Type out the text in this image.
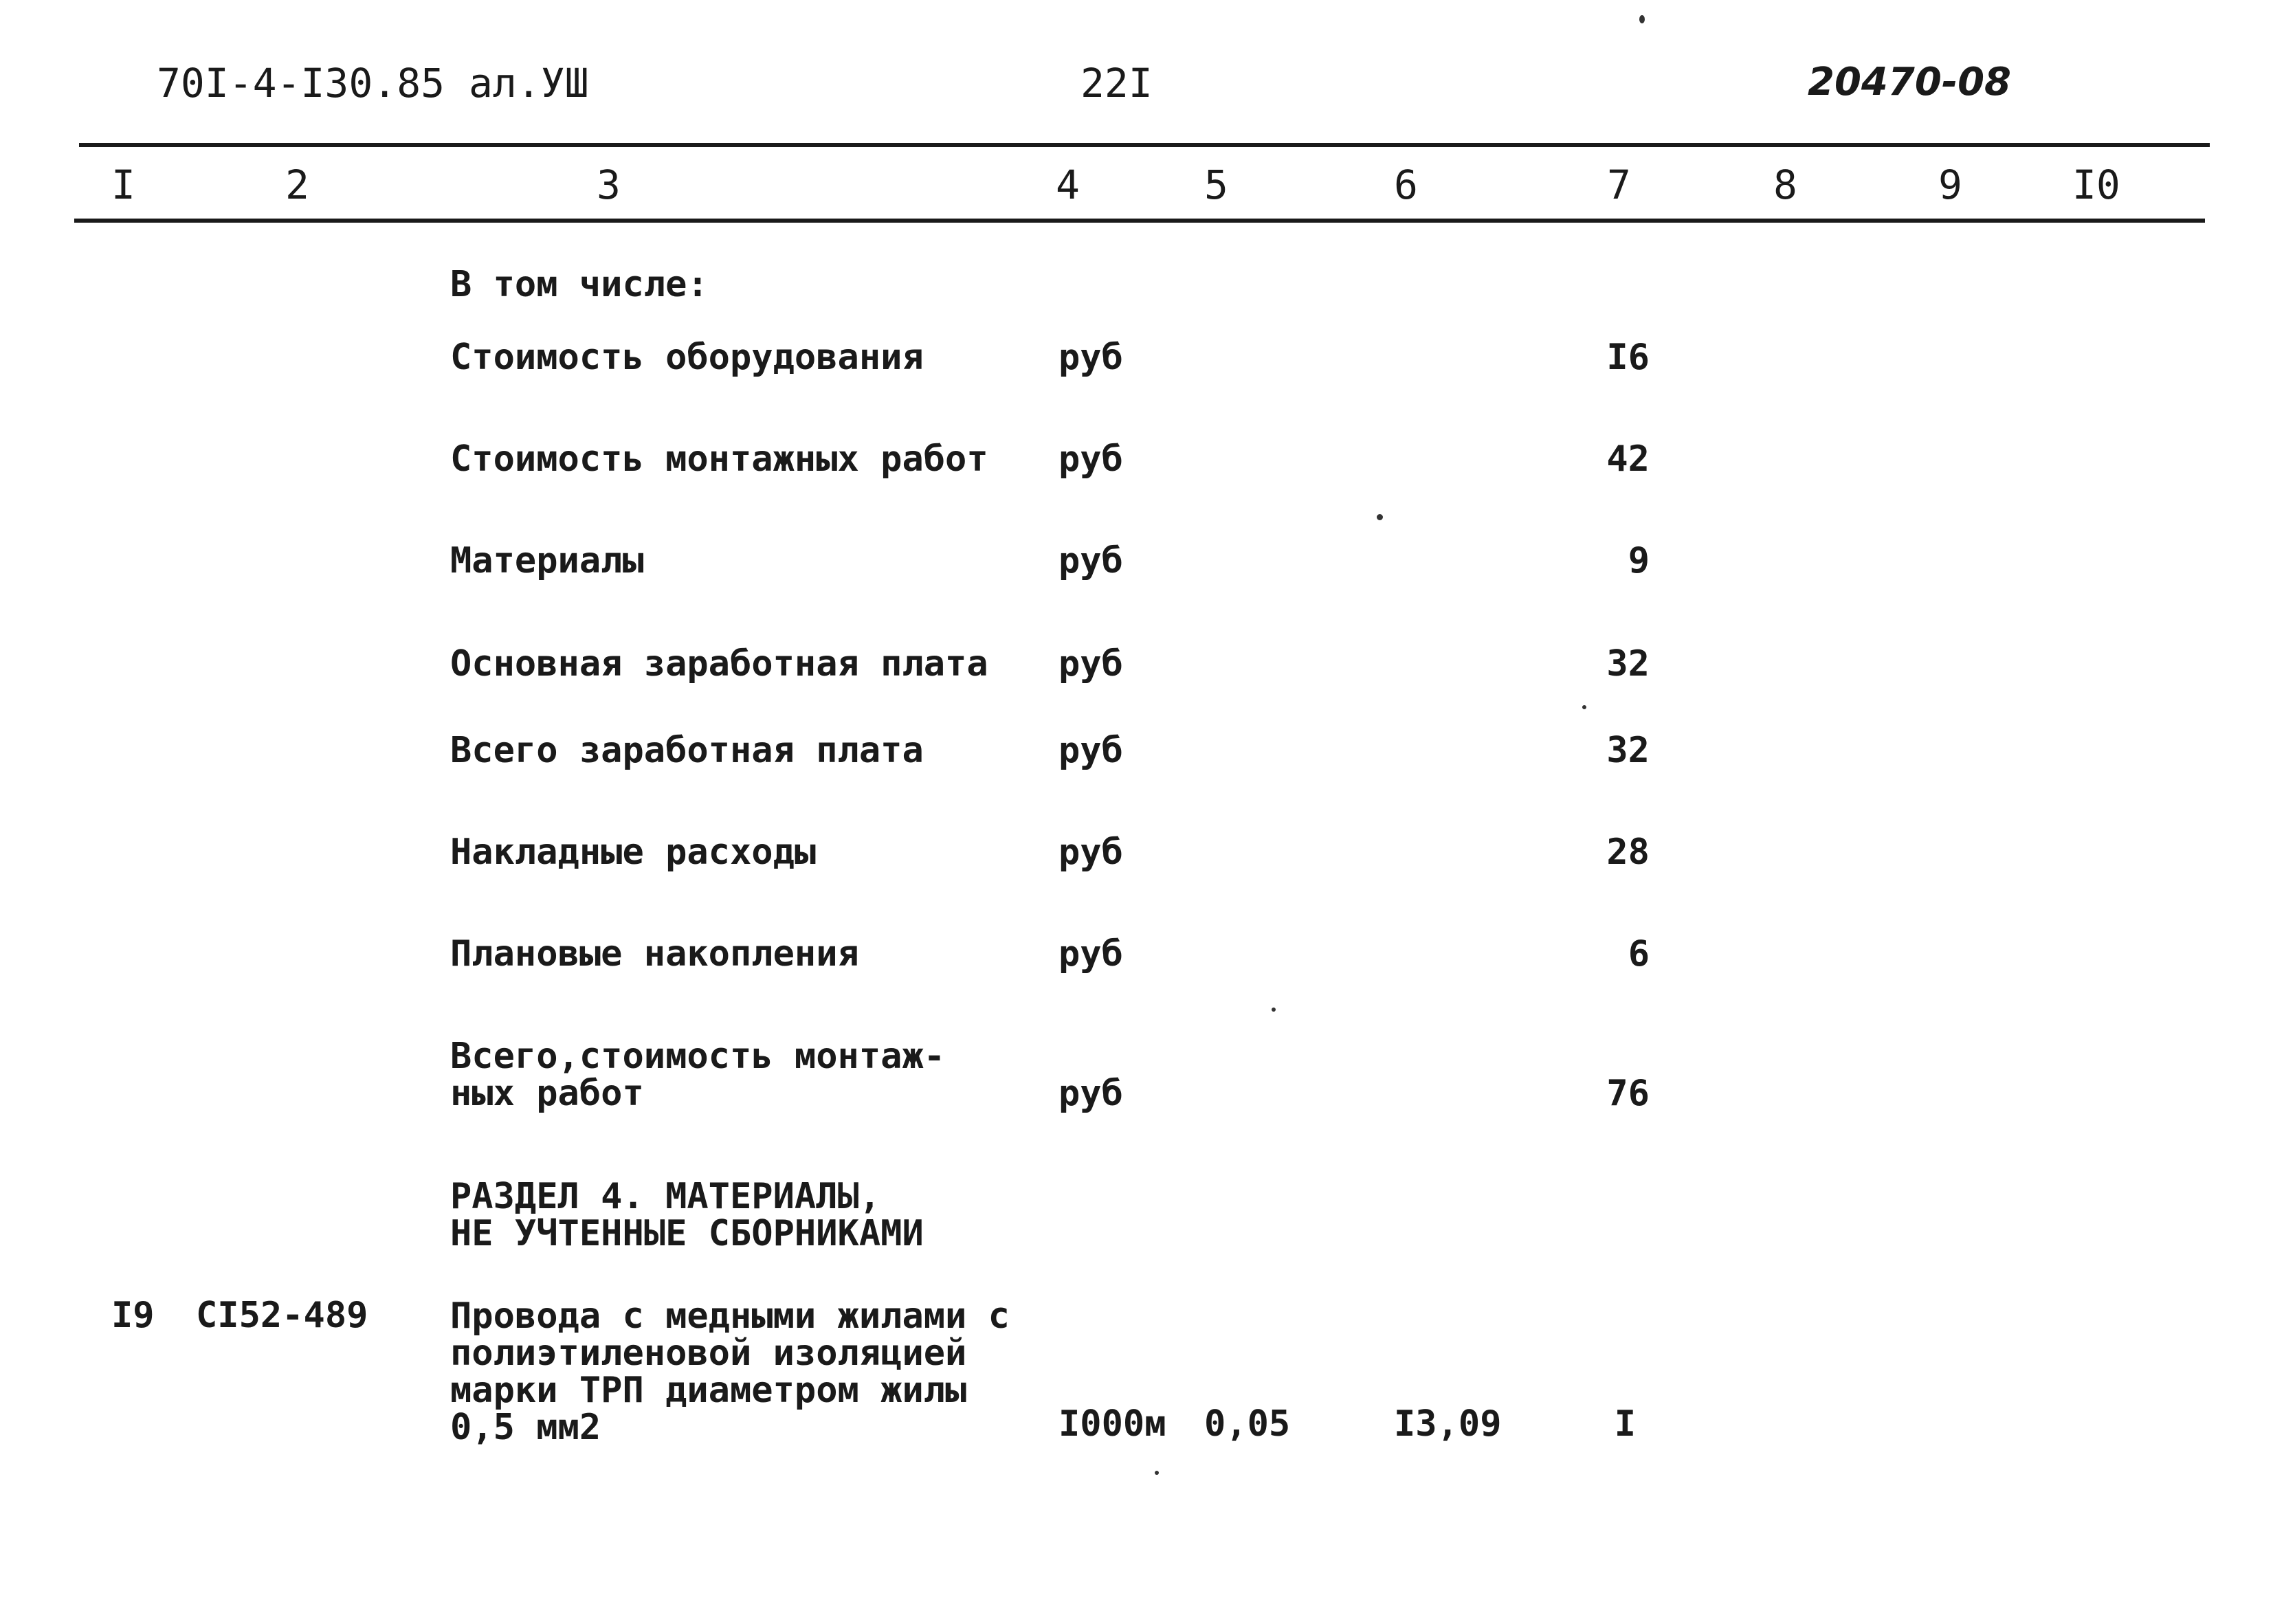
70I-4-I30.85 ал.УШ	22I	20470-08
I	2	3	4	5	6	7	8	9	I0
В том числе:
Стоимость оборудования	руб	I6
Стоимость монтажных работ руб	42
Материалы	руб	9
Основная заработная плата руб	32
Всего заработная плата	руб	32
Накладные расходы	руб	28
Плановые накопления	руб	6
Всего,стоимость монтаж-
ных работ	руб	76
РАЗДЕЛ 4. МАТЕРИАЛЫ,
НЕ УЧТЕННЫЕ СБОРНИКАМИ
I9 СI52-489 Провода с медными жилами с
полиэтиленовой изоляцией
марки ТРП диаметром жилы
0,5 мм2	I000м 0,05	I3,09	I
